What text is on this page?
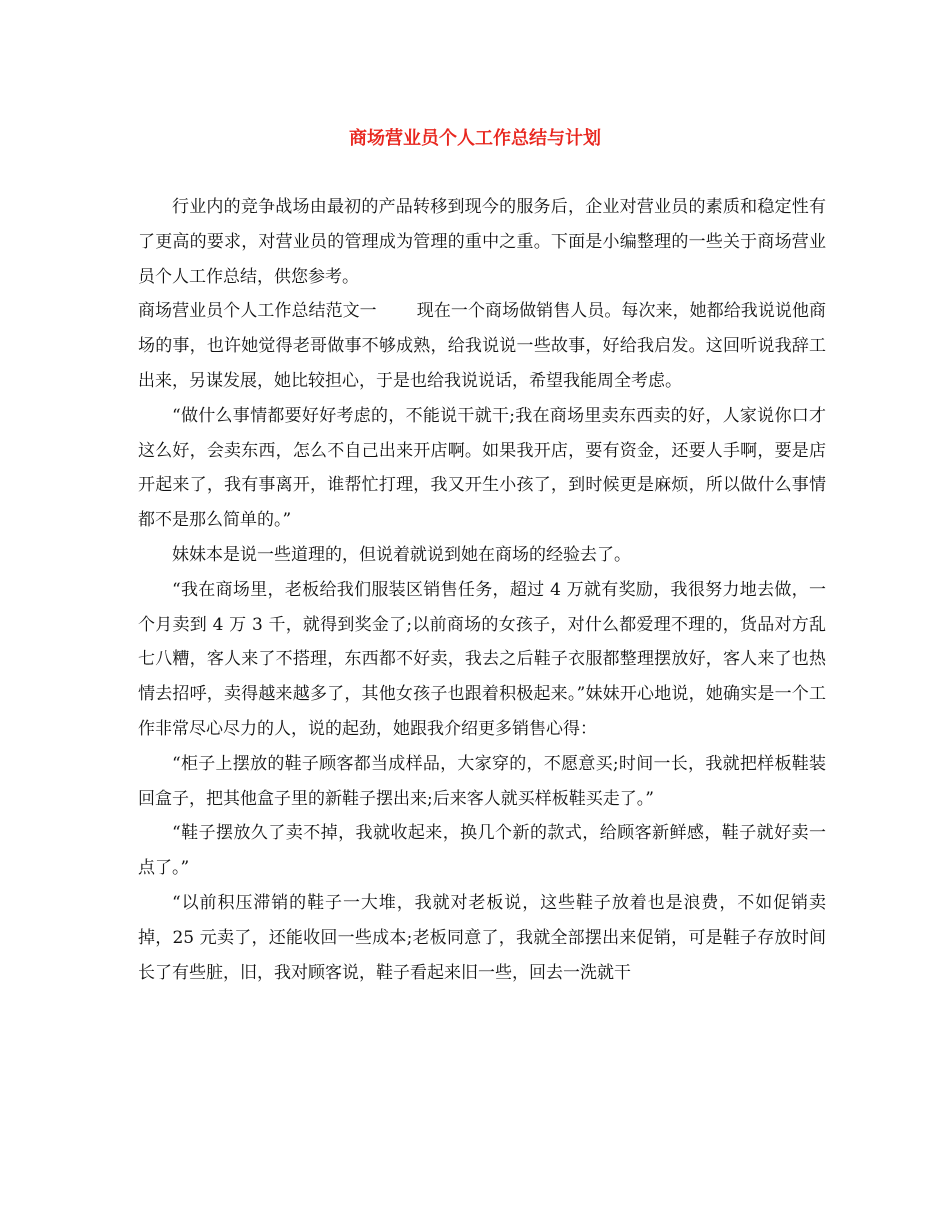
商场营业员个人工作总结与计划

行业内的竞争战场由最初的产品转移到现今的服务后，企业对营业员的素质和稳定性有了更高的要求，对营业员的管理成为管理的重中之重。下面是小编整理的一些关于商场营业员个人工作总结，供您参考。

商场营业员个人工作总结范文一 现在一个商场做销售人员。每次来，她都给我说说他商场的事，也许她觉得老哥做事不够成熟，给我说说一些故事，好给我启发。这回听说我辞工出来，另谋发展，她比较担心，于是也给我说说话，希望我能周全考虑。

“做什么事情都要好好考虑的，不能说干就干;我在商场里卖东西卖的好，人家说你口才这么好，会卖东西，怎么不自己出来开店啊。如果我开店，要有资金，还要人手啊，要是店开起来了，我有事离开，谁帮忙打理，我又开生小孩了，到时候更是麻烦，所以做什么事情都不是那么简单的。”

妹妹本是说一些道理的，但说着就说到她在商场的经验去了。

“我在商场里，老板给我们服装区销售任务，超过 4 万就有奖励，我很努力地去做，一个月卖到 4 万 3 千，就得到奖金了;以前商场的女孩子，对什么都爱理不理的，货品对方乱七八糟，客人来了不搭理，东西都不好卖，我去之后鞋子衣服都整理摆放好，客人来了也热情去招呼，卖得越来越多了，其他女孩子也跟着积极起来。”妹妹开心地说，她确实是一个工作非常尽心尽力的人，说的起劲，她跟我介绍更多销售心得：

“柜子上摆放的鞋子顾客都当成样品，大家穿的，不愿意买;时间一长，我就把样板鞋装回盒子，把其他盒子里的新鞋子摆出来;后来客人就买样板鞋买走了。”

“鞋子摆放久了卖不掉，我就收起来，换几个新的款式，给顾客新鲜感，鞋子就好卖一点了。”

“以前积压滞销的鞋子一大堆，我就对老板说，这些鞋子放着也是浪费，不如促销卖掉，25 元卖了，还能收回一些成本;老板同意了，我就全部摆出来促销，可是鞋子存放时间长了有些脏，旧，我对顾客说，鞋子看起来旧一些，回去一洗就干
